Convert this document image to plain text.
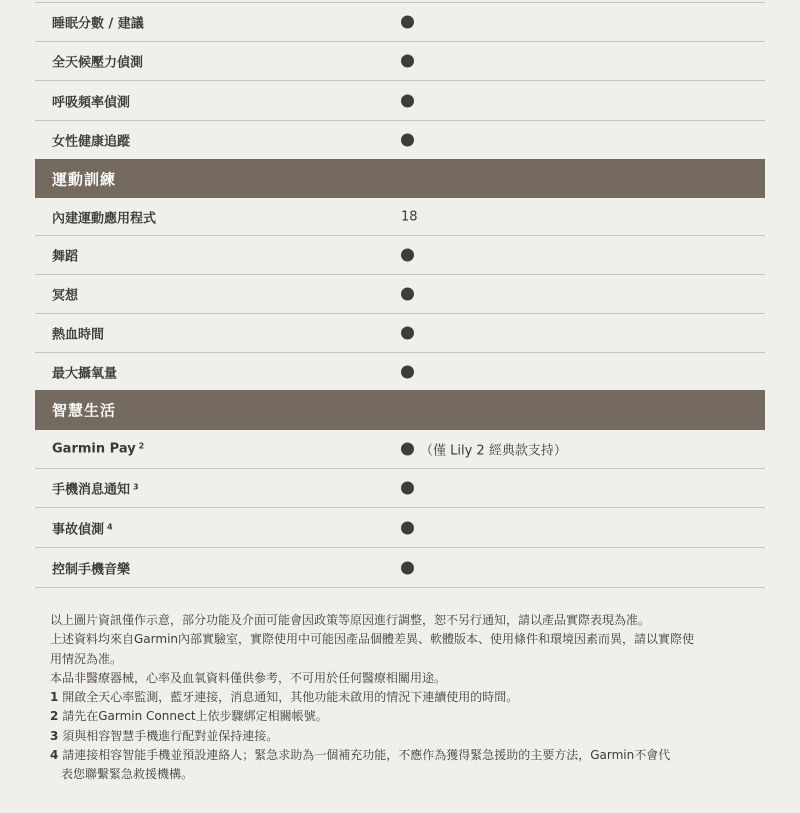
睡眠分數 / 建議
全天候壓力偵測
呼吸頻率偵測
女性健康追蹤
運動訓練
內建運動應用程式	18
舞蹈
冥想
熱血時間
最大攝氧量
智慧生活
Garmin Pay $^2$	（僅 Lily 2 經典款支持）
手機消息通知 $^3$
事故偵測 $^4$
控制手機音樂

以上圖片資訊僅作示意，部分功能及介面可能會因政策等原因進行調整，恕不另行通知，請以產品實際表現為准。

上述資料均來自Garmin內部實驗室，實際使用中可能因產品個體差異、軟體版本、使用條件和環境因素而異，請以實際使

用情況為准。

本品非醫療器械，心率及血氧資料僅供參考，不可用於任何醫療相關用途。

1 開啟全天心率監測，藍牙連接，消息通知，其他功能未啟用的情況下連續使用的時間。

2 請先在Garmin Connect上依步驟綁定相關帳號。

3 須與相容智慧手機進行配對並保持連接。

4 請連接相容智能手機並預設連絡人；緊急求助為一個補充功能，不應作為獲得緊急援助的主要方法，Garmin不會代

表您聯繫緊急救援機構。
